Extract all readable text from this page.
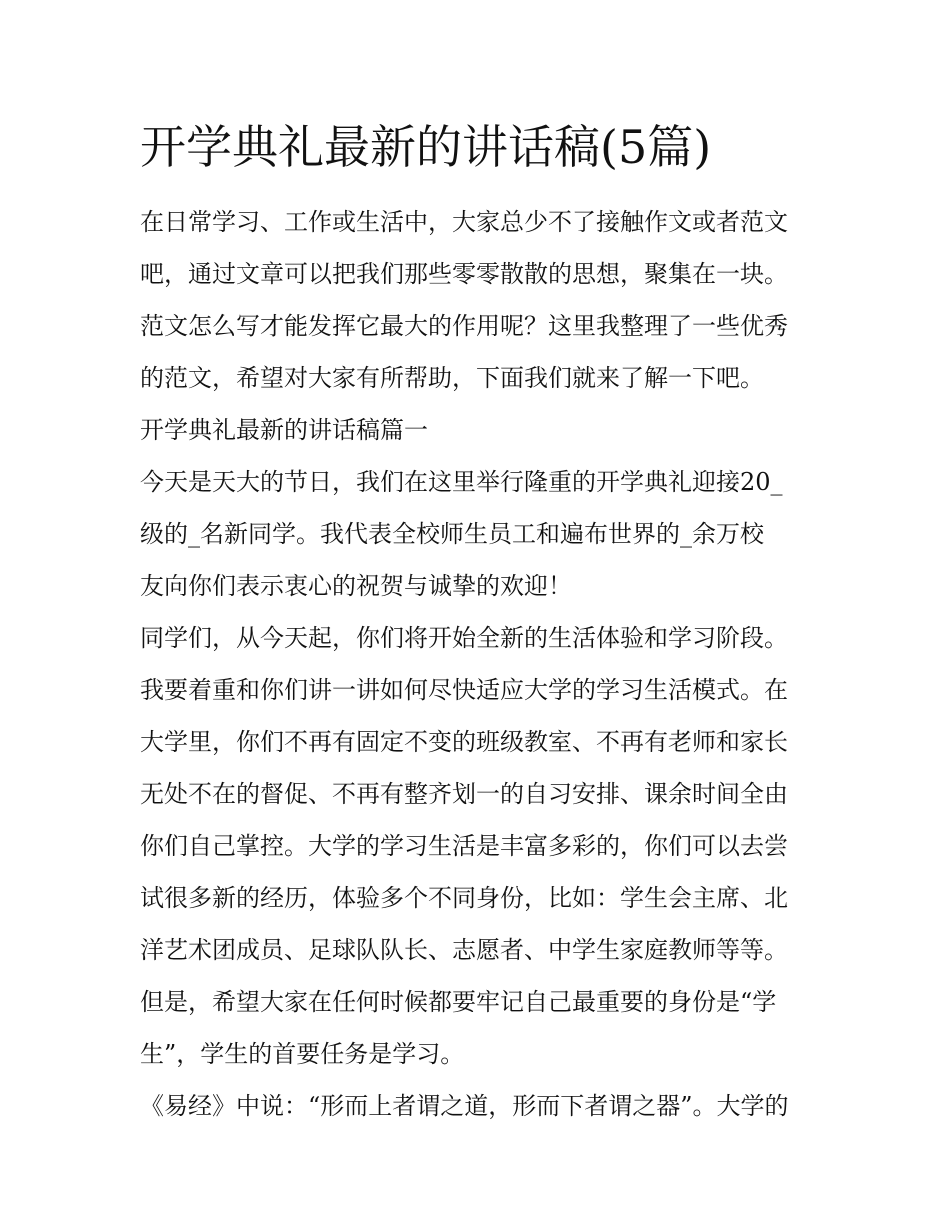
开学典礼最新的讲话稿(5篇)
在日常学习、工作或生活中，大家总少不了接触作文或者范文
吧，通过文章可以把我们那些零零散散的思想，聚集在一块。
范文怎么写才能发挥它最大的作用呢？这里我整理了一些优秀
的范文，希望对大家有所帮助，下面我们就来了解一下吧。
开学典礼最新的讲话稿篇一
今天是天大的节日，我们在这里举行隆重的开学典礼迎接20_
级的_名新同学。我代表全校师生员工和遍布世界的_余万校
友向你们表示衷心的祝贺与诚挚的欢迎！
同学们，从今天起，你们将开始全新的生活体验和学习阶段。
我要着重和你们讲一讲如何尽快适应大学的学习生活模式。在
大学里，你们不再有固定不变的班级教室、不再有老师和家长
无处不在的督促、不再有整齐划一的自习安排、课余时间全由
你们自己掌控。大学的学习生活是丰富多彩的，你们可以去尝
试很多新的经历，体验多个不同身份，比如：学生会主席、北
洋艺术团成员、足球队队长、志愿者、中学生家庭教师等等。
但是，希望大家在任何时候都要牢记自己最重要的身份是“学
生”，学生的首要任务是学习。
《易经》中说：“形而上者谓之道，形而下者谓之器”。大学的
